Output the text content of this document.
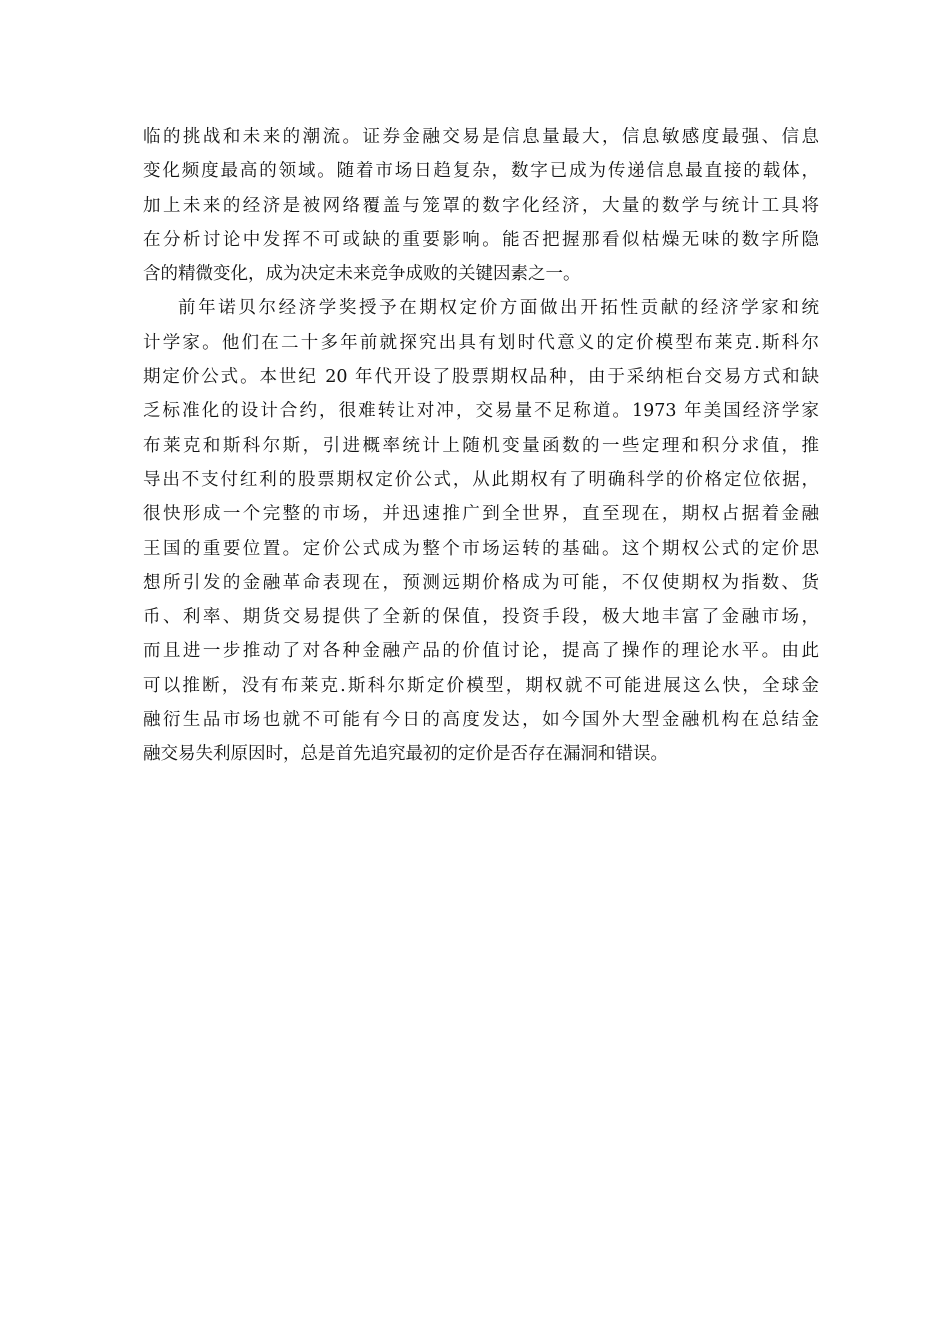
临的挑战和未来的潮流。证券金融交易是信息量最大，信息敏感度最强、信息
变化频度最高的领域。随着市场日趋复杂，数字已成为传递信息最直接的载体，
加上未来的经济是被网络覆盖与笼罩的数字化经济，大量的数学与统计工具将
在分析讨论中发挥不可或缺的重要影响。能否把握那看似枯燥无味的数字所隐
含的精微变化，成为决定未来竞争成败的关键因素之一。
前年诺贝尔经济学奖授予在期权定价方面做出开拓性贡献的经济学家和统
计学家。他们在二十多年前就探究出具有划时代意义的定价模型布莱克.斯科尔
期定价公式。本世纪 20 年代开设了股票期权品种，由于采纳柜台交易方式和缺
乏标准化的设计合约，很难转让对冲，交易量不足称道。1973 年美国经济学家
布莱克和斯科尔斯，引进概率统计上随机变量函数的一些定理和积分求值，推
导出不支付红利的股票期权定价公式，从此期权有了明确科学的价格定位依据，
很快形成一个完整的市场，并迅速推广到全世界，直至现在，期权占据着金融
王国的重要位置。定价公式成为整个市场运转的基础。这个期权公式的定价思
想所引发的金融革命表现在，预测远期价格成为可能，不仅使期权为指数、货
币、利率、期货交易提供了全新的保值，投资手段，极大地丰富了金融市场，
而且进一步推动了对各种金融产品的价值讨论，提高了操作的理论水平。由此
可以推断，没有布莱克.斯科尔斯定价模型，期权就不可能进展这么快，全球金
融衍生品市场也就不可能有今日的高度发达，如今国外大型金融机构在总结金
融交易失利原因时，总是首先追究最初的定价是否存在漏洞和错误。
